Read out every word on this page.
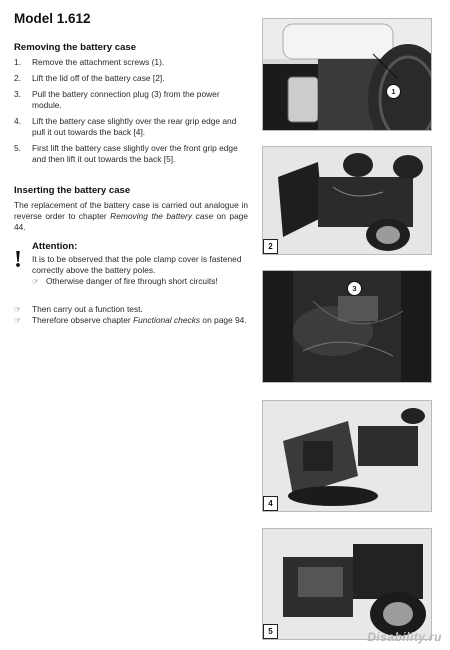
Model 1.612
Removing the battery case
1. Remove the attachment screws (1).
2. Lift the lid off of the battery case [2].
3. Pull the battery connection plug (3) from the power module.
4. Lift the battery case slightly over the rear grip edge and pull it out towards the back [4].
5. First lift the battery case slightly over the front grip edge and then lift it out towards the back [5].
Inserting the battery case
The replacement of the battery case is carried out analogue in reverse order to chapter Removing the battery case on page 44.
!
Attention:
It is to be observed that the pole clamp cover is fastened correctly above the battery poles.
☞ Otherwise danger of fire through short circuits!
☞	Then carry out a function test.
☞	Therefore observe chapter Functional checks on page 94.
1
2
3
4
5	Disability.ru
